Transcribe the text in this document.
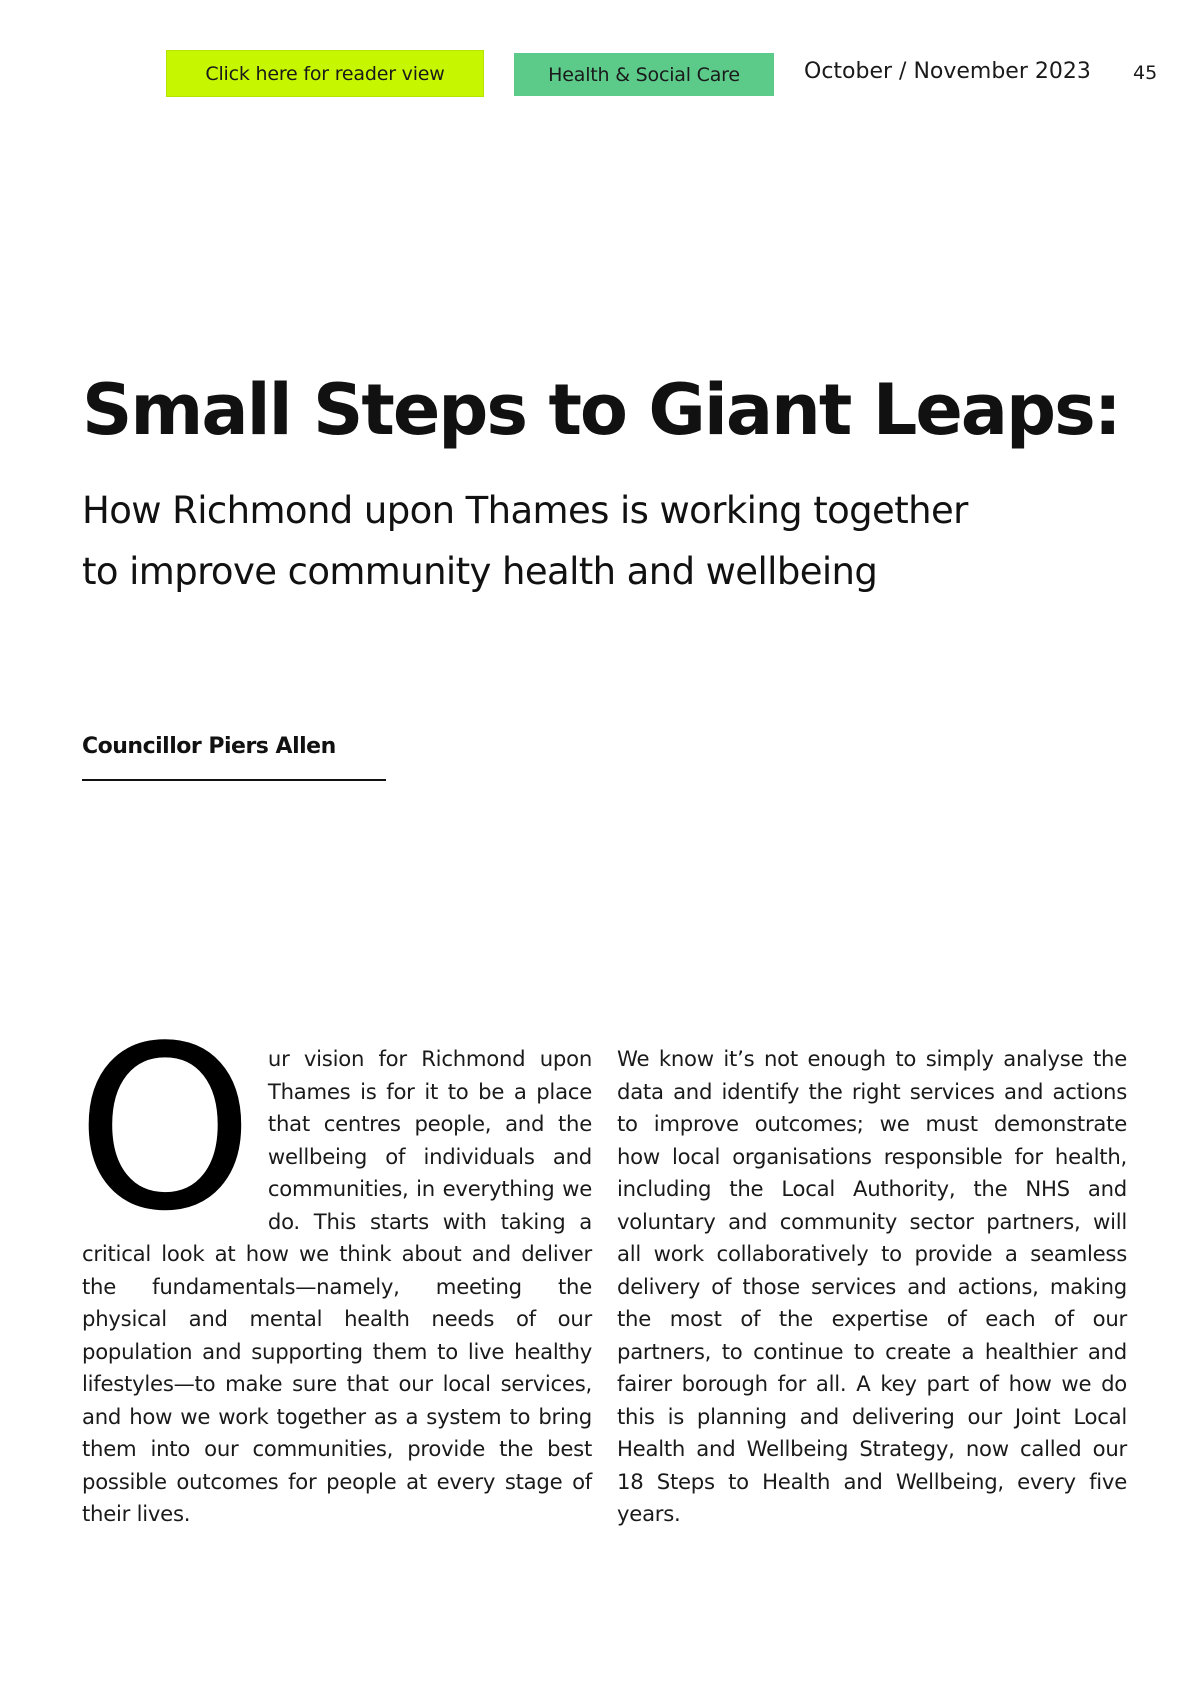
Click here for reader view	Health & Social Care	October / November 2023 45
Small Steps to Giant Leaps:
How Richmond upon Thames is working together
to improve community health and wellbeing
Councillor Piers Allen

Our vision for Richmond upon Thames is for it to be a place that centres people, and the wellbeing of individuals and communities, in everything we do. This starts with taking a critical look at how we think about and deliver the fundamentals—namely, meeting the physical and mental health needs of our population and supporting them to live healthy lifestyles—to make sure that our local services, and how we work together as a system to bring them into our communities, provide the best possible outcomes for people at every stage of their lives.

We know it’s not enough to simply analyse the data and identify the right services and actions to improve outcomes; we must demonstrate how local organisations responsible for health, including the Local Authority, the NHS and voluntary and community sector partners, will all work collaboratively to provide a seamless delivery of those services and actions, making the most of the expertise of each of our partners, to continue to create a healthier and fairer borough for all. A key part of how we do this is planning and delivering our Joint Local Health and Wellbeing Strategy, now called our 18 Steps to Health and Wellbeing, every five years.
